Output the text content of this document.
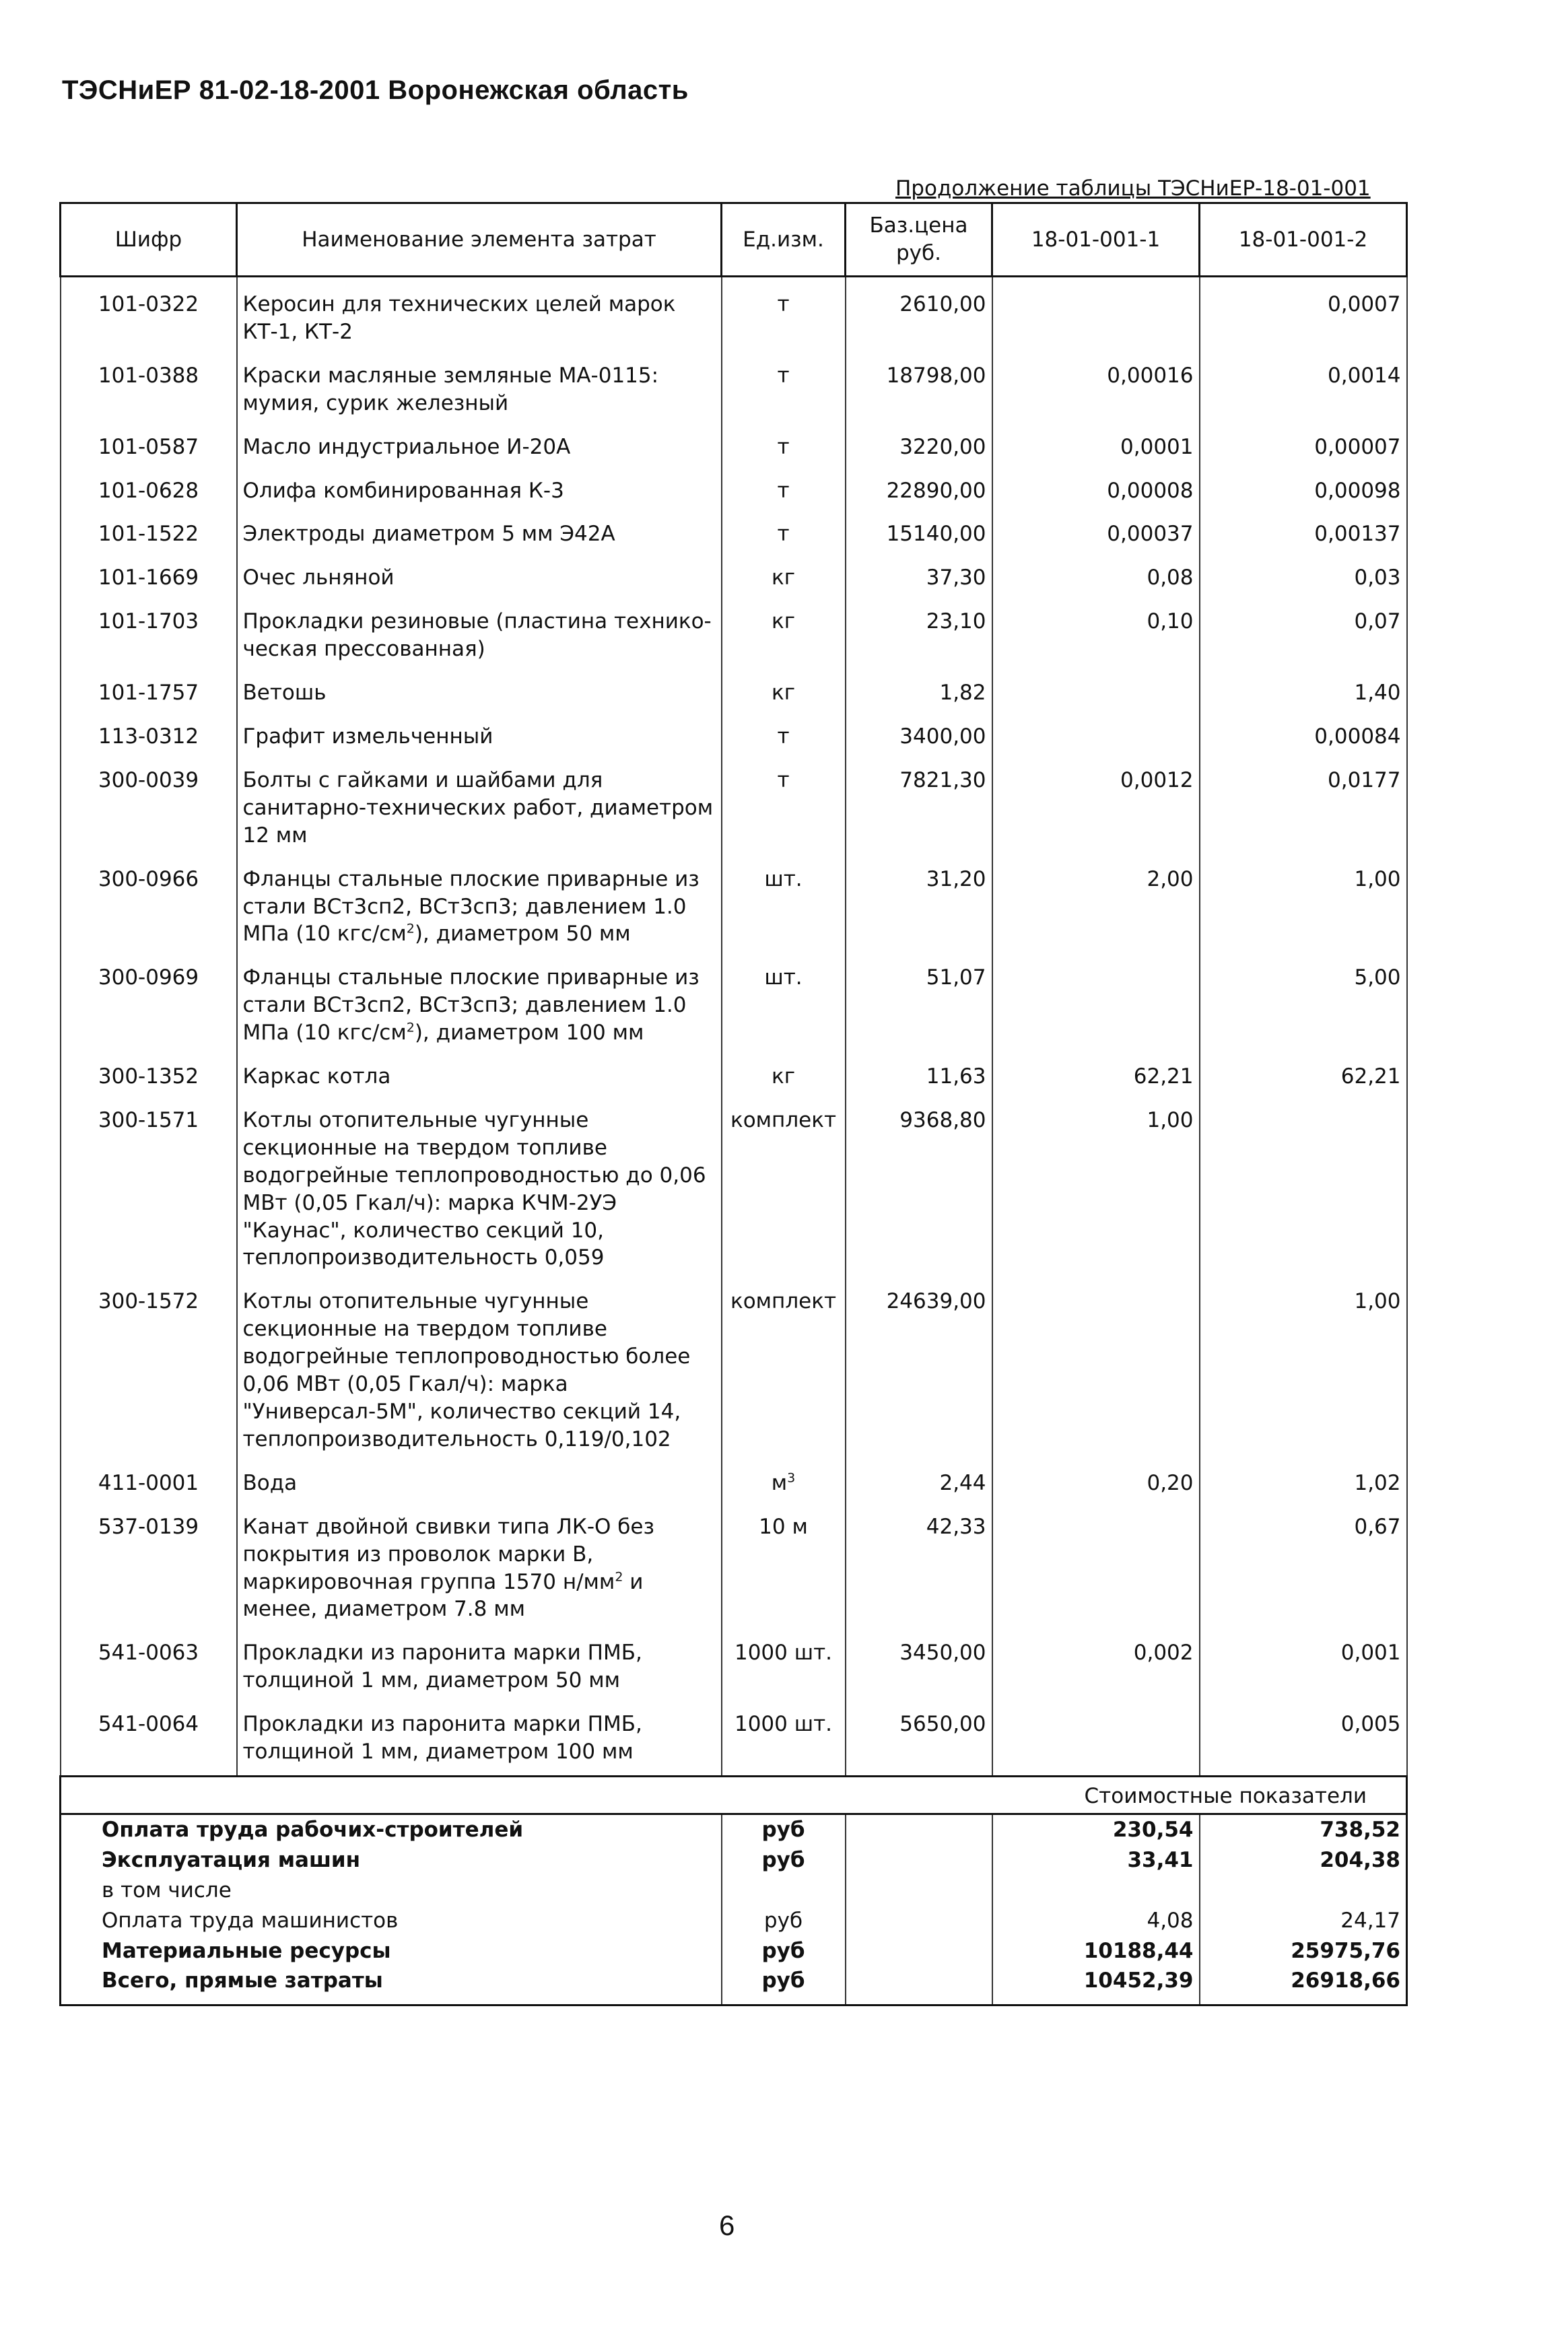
ТЭСНиЕР 81-02-18-2001 Воронежская область
Продолжение таблицы ТЭСНиЕР-18-01-001
Шифр	Наименование элемента затрат	Ед.изм.	Баз.цена руб.	18-01-001-1	18-01-001-2
101-0322	Керосин для технических целей марок КТ-1, КТ-2	т	2610,00		0,0007
101-0388	Краски масляные земляные МА-0115: мумия, сурик железный	т	18798,00	0,00016	0,0014
101-0587	Масло индустриальное И-20А	т	3220,00	0,0001	0,00007
101-0628	Олифа комбинированная К-3	т	22890,00	0,00008	0,00098
101-1522	Электроды диаметром 5 мм Э42А	т	15140,00	0,00037	0,00137
101-1669	Очес льняной	кг	37,30	0,08	0,03
101-1703	Прокладки резиновые (пластина технико-ческая прессованная)	кг	23,10	0,10	0,07
101-1757	Ветошь	кг	1,82		1,40
113-0312	Графит измельченный	т	3400,00		0,00084
300-0039	Болты с гайками и шайбами для санитарно-технических работ, диаметром 12 мм	т	7821,30	0,0012	0,0177
300-0966	Фланцы стальные плоские приварные из стали ВСт3сп2, ВСт3сп3; давлением 1.0 МПа (10 кгс/$см^2$), диаметром 50 мм	шт.	31,20	2,00	1,00
300-0969	Фланцы стальные плоские приварные из стали ВСт3сп2, ВСт3сп3; давлением 1.0 МПа (10 кгс/$см^2$), диаметром 100 мм	шт.	51,07		5,00
300-1352	Каркас котла	кг	11,63	62,21	62,21
300-1571	Котлы отопительные чугунные секционные на твердом топливе водогрейные теплопроводностью до 0,06 МВт (0,05 Гкал/ч): марка КЧМ-2УЭ "Каунас", количество секций 10, теплопроизводительность 0,059	комплект	9368,80	1,00	
300-1572	Котлы отопительные чугунные секционные на твердом топливе водогрейные теплопроводностью более 0,06 МВт (0,05 Гкал/ч): марка "Универсал-5М", количество секций 14, теплопроизводительность 0,119/0,102	комплект	24639,00		1,00
411-0001	Вода	$м^3$	2,44	0,20	1,02
537-0139	Канат двойной свивки типа ЛК-О без покрытия из проволок марки В, маркировочная группа 1570 $н/мм^2$ и менее, диаметром 7.8 мм	10 м	42,33		0,67
541-0063	Прокладки из паронита марки ПМБ, толщиной 1 мм, диаметром 50 мм	1000 шт.	3450,00	0,002	0,001
541-0064	Прокладки из паронита марки ПМБ, толщиной 1 мм, диаметром 100 мм	1000 шт.	5650,00		0,005
Стоимостные показатели					
Оплата труда рабочих-строителей		руб		230,54	738,52
Эксплуатация машин		руб		33,41	204,38
в том числе					
Оплата труда машинистов		руб		4,08	24,17
Материальные ресурсы		руб		10188,44	25975,76
Всего, прямые затраты		руб		10452,39	26918,66
6
